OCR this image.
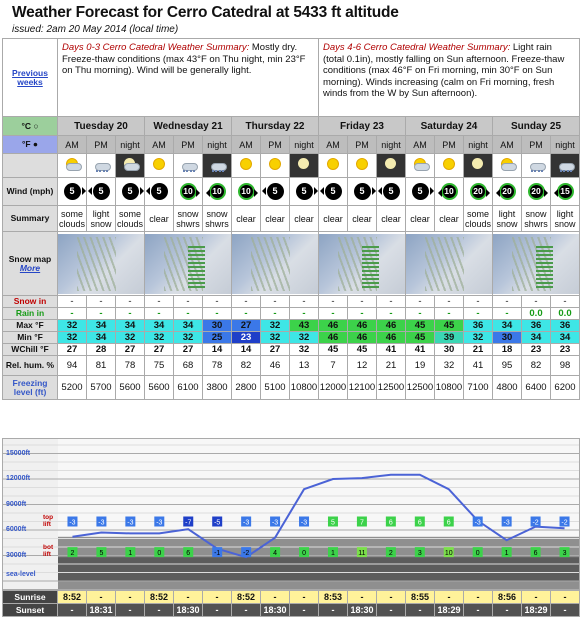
Weather Forecast for Cerro Catedral at 5433 ft altitude
issued: 2am 20 May 2014 (local time)
Previous weeks	Days 0-3 Cerro Catedral Weather Summary: Mostly dry. Freeze-thaw conditions (max 43°F on Thu night, min 23°F on Thu morning). Wind will be generally light.									Days 4-6 Cerro Catedral Weather Summary: Light rain (total 0.1in), mostly falling on Sun afternoon. Freeze-thaw conditions (max 46°F on Fri morning, min 30°F on Sun morning). Winds increasing (calm on Fri morning, fresh winds from the W by Sun afternoon).								
°C ○	Tuesday 20			Wednesday 21			Thursday 22			Friday 23			Saturday 24			Sunday 25		
°F ●	AM	PM	night	AM	PM	night	AM	PM	night	AM	PM	night	AM	PM	night	AM	PM	night

Wind (mph)	5	5	5	5	10	10	10	5	5	5	5	5	5	10	20	20	20	15
Summary	some clouds	light snow	some clouds	clear	snow shwrs	snow shwrs	clear	clear	clear	clear	clear	clear	clear	clear	some clouds	light snow	snow shwrs	light snow

Snow map
More													

Snow in	-	-	-	-	-	-	-	-	-	-	-	-	-	-	-	-	-	-
Rain in	-	-	-	-	-	-	-	-	-	-	-	-	-	-	-	-	0.0	0.0
Max °F	32	34	34	34	34	30	27	32	43	46	46	46	45	45	36	34	36	36
Min °F	32	34	32	32	32	25	23	32	32	46	46	46	45	39	32	30	34	34
WChill °F	27	28	27	27	27	14	14	27	32	45	45	41	41	30	21	18	23	23
Rel. hum. %	94	81	78	75	68	78	82	46	13	7	12	21	19	32	41	95	82	98
Freezing level (ft)	5200	5700	5600	5600	6100	3800	2800	5100	10800	12000	12100	12500	12500	10800	7100	4800	6400	6200
-3	-3	-3	-3	-7	-5	-3	-3	-3	5	7	6	6	6	-3	-3	-2	-2
2	5	1	0	6	-1	-2	4	0	1	11	2	3	10	0	1	6	3
15000ft
12000ft
9000ft
6000ft
3000ft
sea-level
top lift
bot lift
Sunrise	8:52	-	-	8:52	-	-	8:52	-	-	8:53	-	-	8:55	-	-	8:56	-	-
Sunset	-	18:31	-	-	18:30	-	-	18:30	-	-	18:30	-	-	18:29	-	-	18:29	-
